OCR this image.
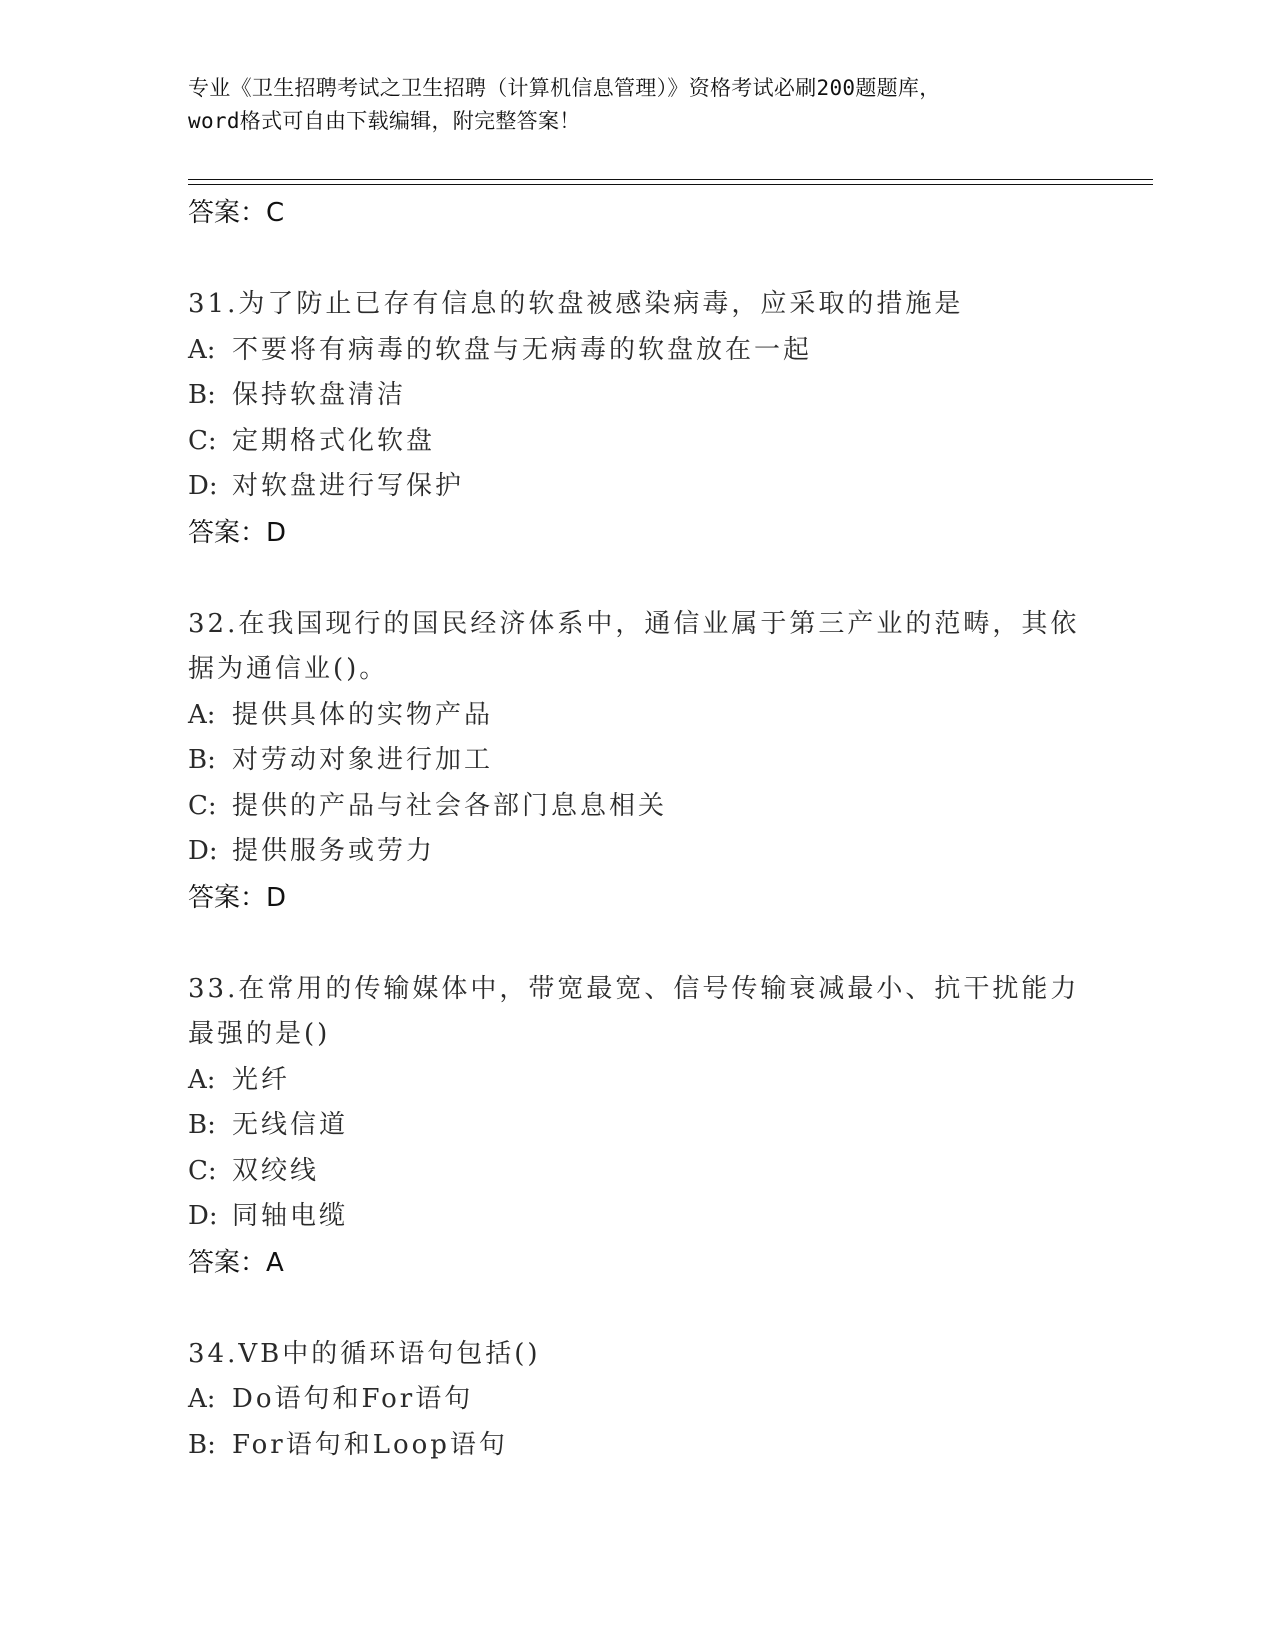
专业《卫生招聘考试之卫生招聘（计算机信息管理）》资格考试必刷200题题库，
word格式可自由下载编辑，附完整答案！
答案：C
31.为了防止已存有信息的软盘被感染病毒，应采取的措施是
A: 不要将有病毒的软盘与无病毒的软盘放在一起
B: 保持软盘清洁
C: 定期格式化软盘
D: 对软盘进行写保护
答案：D
32.在我国现行的国民经济体系中，通信业属于第三产业的范畴，其依
据为通信业()。
A: 提供具体的实物产品
B: 对劳动对象进行加工
C: 提供的产品与社会各部门息息相关
D: 提供服务或劳力
答案：D
33.在常用的传输媒体中，带宽最宽、信号传输衰减最小、抗干扰能力
最强的是()
A: 光纤
B: 无线信道
C: 双绞线
D: 同轴电缆
答案：A
34.VB中的循环语句包括()
A: Do语句和For语句
B: For语句和Loop语句
